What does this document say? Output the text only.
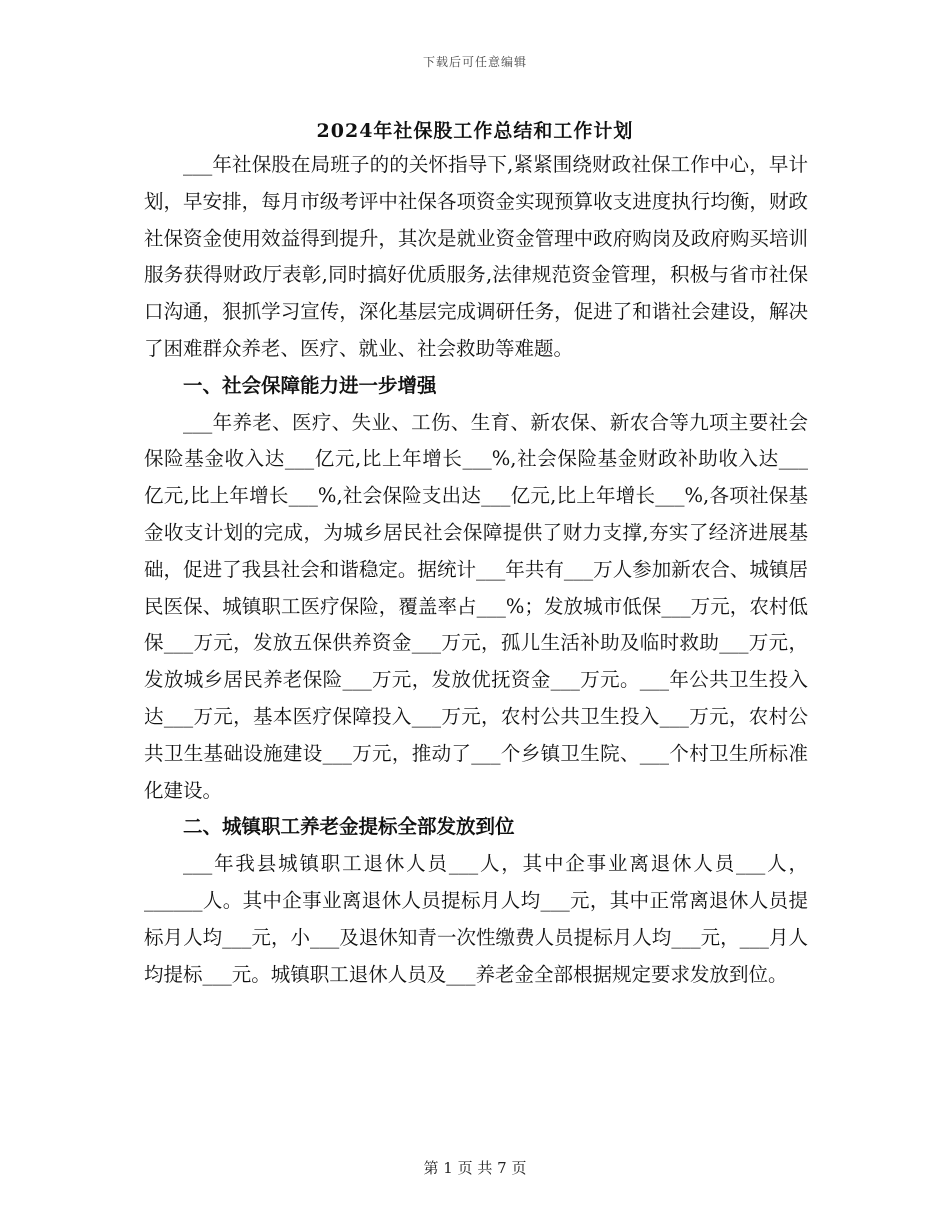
下载后可任意编辑
2024年社保股工作总结和工作计划

___年社保股在局班子的的关怀指导下,紧紧围绕财政社保工作中心，早计划，早安排，每月市级考评中社保各项资金实现预算收支进度执行均衡，财政社保资金使用效益得到提升，其次是就业资金管理中政府购岗及政府购买培训服务获得财政厅表彰,同时搞好优质服务,法律规范资金管理，积极与省市社保口沟通，狠抓学习宣传，深化基层完成调研任务，促进了和谐社会建设，解决了困难群众养老、医疗、就业、社会救助等难题。

一、社会保障能力进一步增强

___年养老、医疗、失业、工伤、生育、新农保、新农合等九项主要社会保险基金收入达___亿元,比上年增长___%,社会保险基金财政补助收入达___亿元,比上年增长___%,社会保险支出达___亿元,比上年增长___%,各项社保基金收支计划的完成，为城乡居民社会保障提供了财力支撑,夯实了经济进展基础，促进了我县社会和谐稳定。据统计___年共有___万人参加新农合、城镇居民医保、城镇职工医疗保险，覆盖率占___%；发放城市低保___万元，农村低保___万元，发放五保供养资金___万元，孤儿生活补助及临时救助___万元，发放城乡居民养老保险___万元，发放优抚资金___万元。___年公共卫生投入达___万元，基本医疗保障投入___万元，农村公共卫生投入___万元，农村公共卫生基础设施建设___万元，推动了___个乡镇卫生院、___个村卫生所标准化建设。

二、城镇职工养老金提标全部发放到位

___年我县城镇职工退休人员___人，其中企事业离退休人员___人，______人。其中企事业离退休人员提标月人均___元，其中正常离退休人员提标月人均___元，小___及退休知青一次性缴费人员提标月人均___元，___月人均提标___元。城镇职工退休人员及___养老金全部根据规定要求发放到位。

第 1 页 共 7 页
